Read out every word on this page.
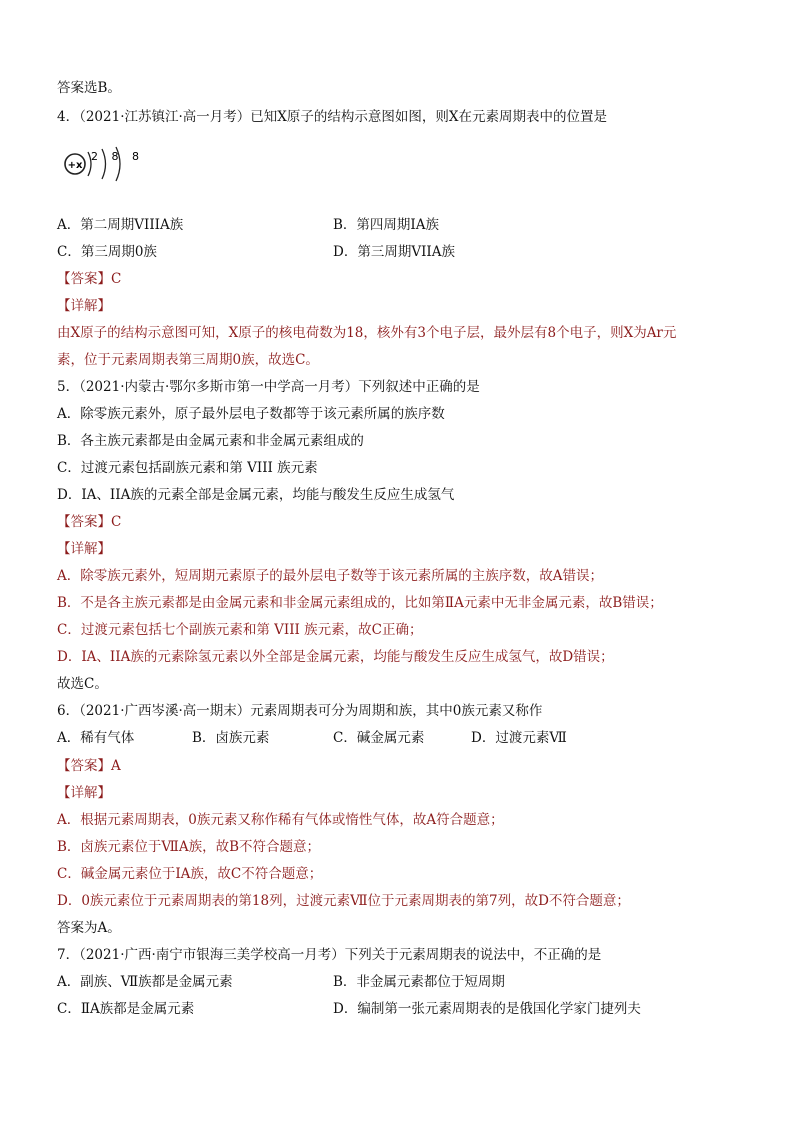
答案选B。
4．（2021·江苏镇江·高一月考）已知X原子的结构示意图如图，则X在元素周期表中的位置是
+x
2 8 8
A．第二周期VIIIA族	B．第四周期IA族
C．第三周期0族	D．第三周期VIIA族
【答案】C
【详解】
由X原子的结构示意图可知，X原子的核电荷数为18，核外有3个电子层，最外层有8个电子，则X为Ar元
素，位于元素周期表第三周期0族，故选C。
5．（2021·内蒙古·鄂尔多斯市第一中学高一月考）下列叙述中正确的是
A．除零族元素外，原子最外层电子数都等于该元素所属的族序数
B．各主族元素都是由金属元素和非金属元素组成的
C．过渡元素包括副族元素和第 VIII 族元素
D．ⅠA、IIA族的元素全部是金属元素，均能与酸发生反应生成氢气
【答案】C
【详解】
A．除零族元素外，短周期元素原子的最外层电子数等于该元素所属的主族序数，故A错误；
B．不是各主族元素都是由金属元素和非金属元素组成的，比如第ⅡA元素中无非金属元素，故B错误；
C．过渡元素包括七个副族元素和第 VIII 族元素，故C正确；
D．ⅠA、IIA族的元素除氢元素以外全部是金属元素，均能与酸发生反应生成氢气，故D错误；
故选C。
6．（2021·广西岑溪·高一期末）元素周期表可分为周期和族，其中0族元素又称作
A．稀有气体	B．卤族元素	C．碱金属元素	D．过渡元素Ⅶ
【答案】A
【详解】
A．根据元素周期表，0族元素又称作稀有气体或惰性气体，故A符合题意；
B．卤族元素位于ⅦA族，故B不符合题意；
C．碱金属元素位于IA族，故C不符合题意；
D．0族元素位于元素周期表的第18列，过渡元素Ⅶ位于元素周期表的第7列，故D不符合题意；
答案为A。
7．（2021·广西·南宁市银海三美学校高一月考）下列关于元素周期表的说法中，不正确的是
A．副族、Ⅶ族都是金属元素	B．非金属元素都位于短周期
C．ⅡA族都是金属元素	D．编制第一张元素周期表的是俄国化学家门捷列夫
